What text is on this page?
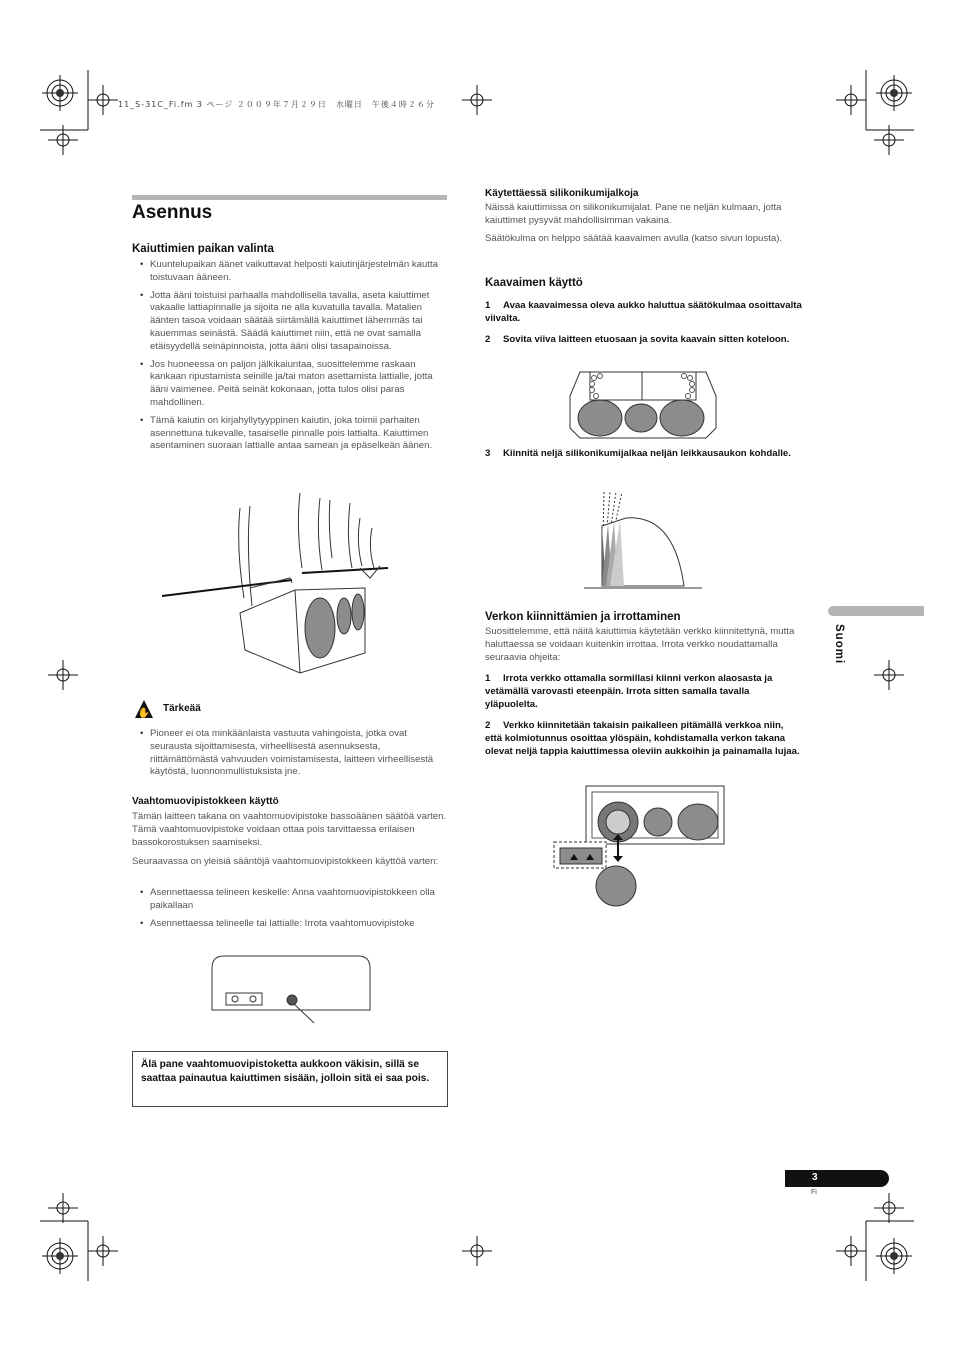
11_S-31C_Fi.fm 3 ページ ２００９年７月２９日　水曜日　午後４時２６分
Asennus
Kaiuttimien paikan valinta
• Kuuntelupaikan äänet vaikuttavat helposti kaiutinjärjestelmän kautta toistuvaan ääneen.
• Jotta ääni toistuisi parhaalla mahdollisella tavalla, aseta kaiuttimet vakaalle lattiapinnalle ja sijoita ne alla kuvatulla tavalla. Matalien äänten tasoa voidaan säätää siirtämällä kaiuttimet lähemmäs tai kauemmas seinästä. Säädä kaiuttimet niin, että ne ovat samalla etäisyydellä seinäpinnoista, jotta ääni olisi tasapainoissa.
• Jos huoneessa on paljon jälkikaiuntaa, suosittelemme raskaan kankaan ripustamista seinille ja/tai maton asettamista lattialle, jotta ääni vaimenee. Peitä seinät kokonaan, jotta tulos olisi paras mahdollinen.
• Tämä kaiutin on kirjahyllytyyppinen kaiutin, joka toimii parhaiten asennettuna tukevalle, tasaiselle pinnalle pois lattialta. Kaiuttimen asentaminen suoraan lattialle antaa samean ja epäselkeän äänen.
✋ Tärkeää
• Pioneer ei ota minkäänlaista vastuuta vahingoista, jotka ovat seurausta sijoittamisesta, virheellisestä asennuksesta, riittämättömästä vahvuuden voimistamisesta, laitteen virheellisestä käytöstä, luonnonmullistuksista jne.
Vaahtomuovipistokkeen käyttö
Tämän laitteen takana on vaahtomuovipistoke bassoäänen säätöä varten. Tämä vaahtomuovipistoke voidaan ottaa pois tarvittaessa erilaisen bassokorostuksen saamiseksi.
Seuraavassa on yleisiä sääntöjä vaahtomuovipistokkeen käyttöä varten:
• Asennettaessa telineen keskelle: Anna vaahtomuovipistokkeen olla paikallaan
• Asennettaessa telineelle tai lattialle: Irrota vaahtomuovipistoke
Älä pane vaahtomuovipistoketta aukkoon väkisin, sillä se saattaa painautua kaiuttimen sisään, jolloin sitä ei saa pois.
Käytettäessä silikonikumijalkoja
Näissä kaiuttimissa on silikonikumijalat. Pane ne neljän kulmaan, jotta kaiuttimet pysyvät mahdollisimman vakaina.
Säätökulma on helppo säätää kaavaimen avulla (katso sivun lopusta).
Kaavaimen käyttö
1 Avaa kaavaimessa oleva aukko haluttua säätökulmaa osoittavalta viivalta.
2 Sovita viiva laitteen etuosaan ja sovita kaavain sitten koteloon.
3 Kiinnitä neljä silikonikumijalkaa neljän leikkausaukon kohdalle.
Verkon kiinnittämien ja irrottaminen
Suosittelemme, että näitä kaiuttimia käytetään verkko kiinnitettynä, mutta haluttaessa se voidaan kuitenkin irrottaa. Irrota verkko noudattamalla seuraavia ohjeita:
1 Irrota verkko ottamalla sormillasi kiinni verkon alaosasta ja vetämällä varovasti eteenpäin. Irrota sitten samalla tavalla yläpuolelta.
2 Verkko kiinnitetään takaisin paikalleen pitämällä verkkoa niin, että kolmiotunnus osoittaa ylöspäin, kohdistamalla verkon takana olevat neljä tappia kaiuttimessa oleviin aukkoihin ja painamalla lujaa.
Suomi
3
Fi
